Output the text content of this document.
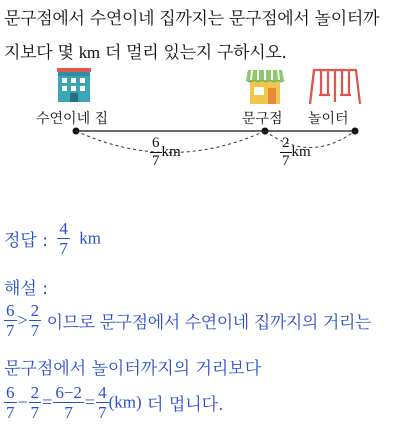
문구점에서 수연이네 집까지는 문구점에서 놀이터까
지보다 몇 km 더 멀리 있는지 구하시오.
수연이네 집	문구점 놀이터
$\frac{6}{7}$ km	$\frac{2}{7}$ km
정답 : $\frac{4}{7}$ km
해설 :
$\frac{6}{7} > \frac{2}{7}$ 이므로 문구점에서 수연이네 집까지의 거리는
문구점에서 놀이터까지의 거리보다
$\frac{6}{7} - \frac{2}{7} = \frac{6-2}{7} = \frac{4}{7} (km)$ 더 멉니다.
